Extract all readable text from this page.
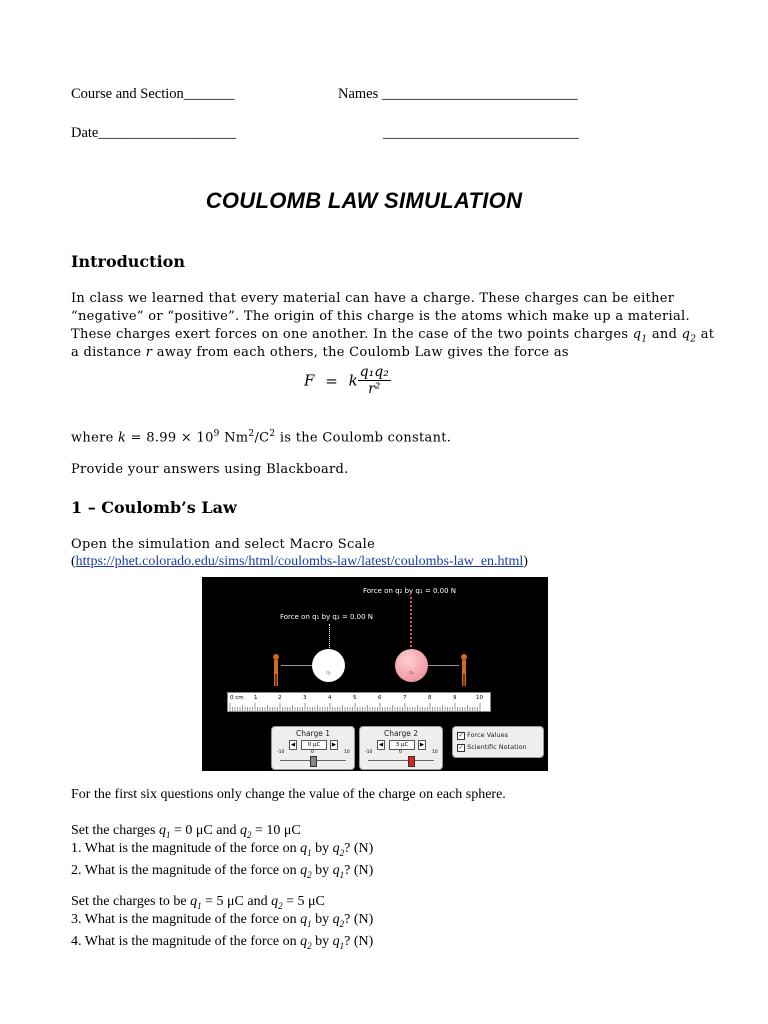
Course and Section_______	Names ___________________________
Date___________________	___________________________
COULOMB LAW SIMULATION
Introduction
In class we learned that every material can have a charge. These charges can be either
“negative” or “positive”. The origin of this charge is the atoms which make up a material.
These charges exert forces on one another. In the case of the two points charges $q_1$ and $q_2$ at
a distance r away from each others, the Coulomb Law gives the force as
F = k $\frac{\text{q₁q₂}}{\text{r²}}$
where $k = 8.99 \times 10^9$ $Nm^2/C^2$ is the Coulomb constant.
Provide your answers using Blackboard.
1 – Coulomb’s Law
Open the simulation and select Macro Scale
(https://phet.colorado.edu/sims/html/coulombs-law/latest/coulombs-law_en.html)
Force on q₂ by q₁ = 0.00 N
Force on q₁ by q₂ = 0.00 N
q₁	q₂
0 cm 1	2	3	4	5	6	7	8	9	10
Charge 1
◀	0 μC	▶
-10	0	10
Charge 2
◀	3 μC	▶
-10	0	10
✓ Force Values
✓ Scientific Notation
For the first six questions only change the value of the charge on each sphere.
Set the charges $q_1 = 0$ μC and $q_2 = 10$ μC
1. What is the magnitude of the force on $q_1$ by $q_2$? (N)
2. What is the magnitude of the force on $q_2$ by $q_1$? (N)
Set the charges to be $q_1 = 5$ μC and $q_2 = 5$ μC
3. What is the magnitude of the force on $q_1$ by $q_2$? (N)
4. What is the magnitude of the force on $q_2$ by $q_1$? (N)
